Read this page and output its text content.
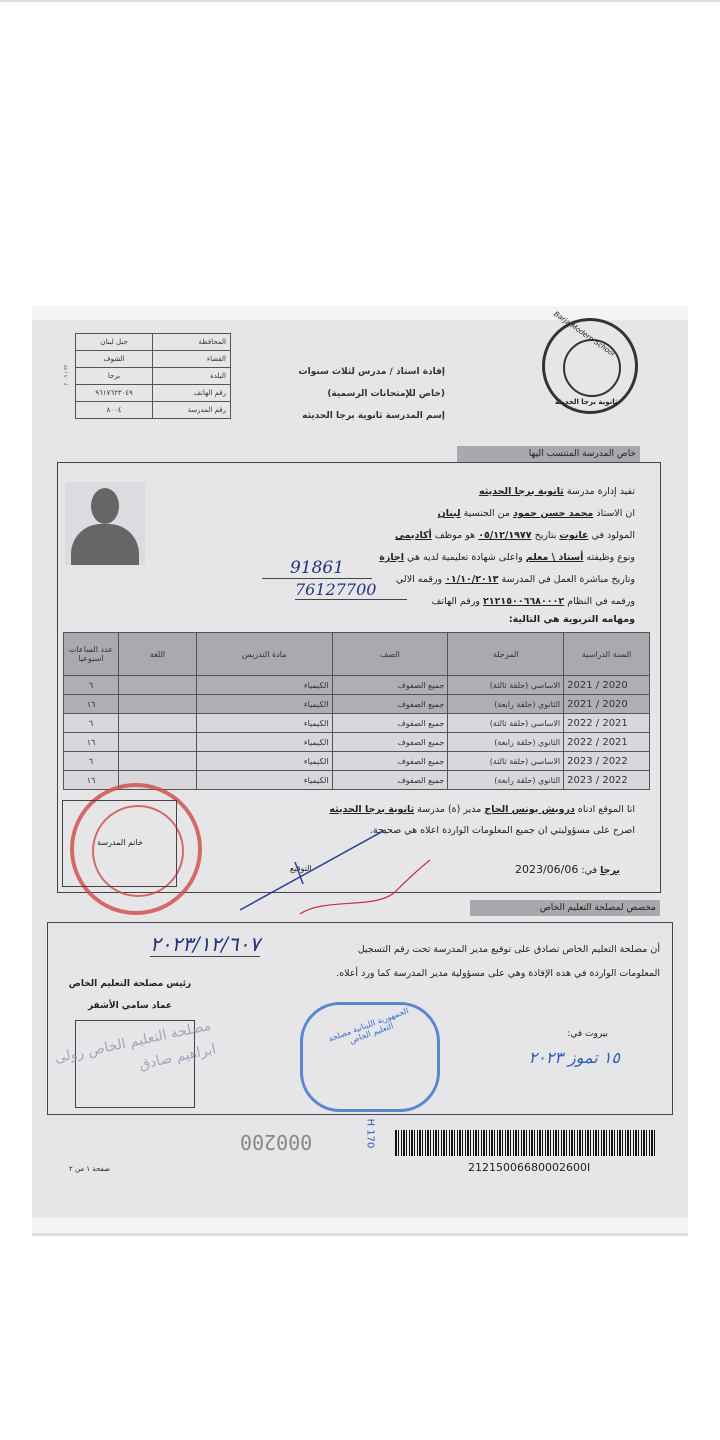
المحافظة	جبل لبنان
القضاء	الشوف
البلدة	برجا
رقم الهاتف	٩٦١٧٦٢٣٠٤٩
رقم المدرسة	٨٠٠٤
٣٢ / ٢٠٠٩
Barja Modern School
ثانوية برجا الحديثة
إفادة استاذ / مدرس لثلاث سنوات
(خاص للإمتحانات الرسمية)
إسم المدرسة ثانوية برجا الحديثه
خاص المدرسة المنتسب اليها
تفيد إدارة مدرسة ثانوية برجا الحديثه
ان الاستاذ محمد حسن حمود من الجنسية لبنان
المولود في عانوت بتاريخ ٠٥/١٢/١٩٧٧ هو موظف أكاديمي
ونوع وظيفته أستاذ \ معلم واعلى شهادة تعليمية لديه هي اجازة
وتاريخ مباشرة العمل في المدرسة ٠١/١٠/٢٠١٣ ورقمه الالي
ورقمه في النظام ٢١٢١٥٠٠٦٦٨٠٠٠٢ ورقم الهاتف
91861
76127700
ومهامه التربوية هي التالية:
السنة الدراسية	المرحلة	الصف	مادة التدريس	اللغة	عدد الساعات اسبوعيا
2020 / 2021	الاساسي (حلقة ثالثة)	جميع الصفوف	الكيمياء		٦
2020 / 2021	الثانوي (حلقة رابعة)	جميع الصفوف	الكيمياء		١٦
2021 / 2022	الاساسي (حلقة ثالثة)	جميع الصفوف	الكيمياء		٦
2021 / 2022	الثانوي (حلقة رابعة)	جميع الصفوف	الكيمياء		١٦
2022 / 2023	الاساسي (حلقة ثالثة)	جميع الصفوف	الكيمياء		٦
2022 / 2023	الثانوي (حلقة رابعة)	جميع الصفوف	الكيمياء		١٦
خاتم المدرسة
انا الموقع ادناه درويش يونس الحاج مدير (ة) مدرسة ثانوية برجا الحديثه
اصرح على مسؤوليتي ان جميع المعلومات الواردة اعلاه هي صحيحة.
برجا في: 2023/06/06
التوقيع
مخصص لمصلحة التعليم الخاص
أن مصلحة التعليم الخاص تصادق على توقيع مدير المدرسة تحت رقم التسجيل
٢٠٢٣/١٢/٦٠٧
المعلومات الواردة في هذه الإفادة وهي على مسؤولية مدير المدرسة كما ورد أعلاه.
رئيس مصلحة التعليم الخاص
عماد سامي الأشقر
مصلحة التعليم الخاص رولى ابراهيم صادق
الجمهورية اللبنانية مصلحة التعليم الخاص	بيروت في:
١٥ تموز ٢٠٢٣
000200	H 170
21215006680002600I
صفحة ١ من ٢
